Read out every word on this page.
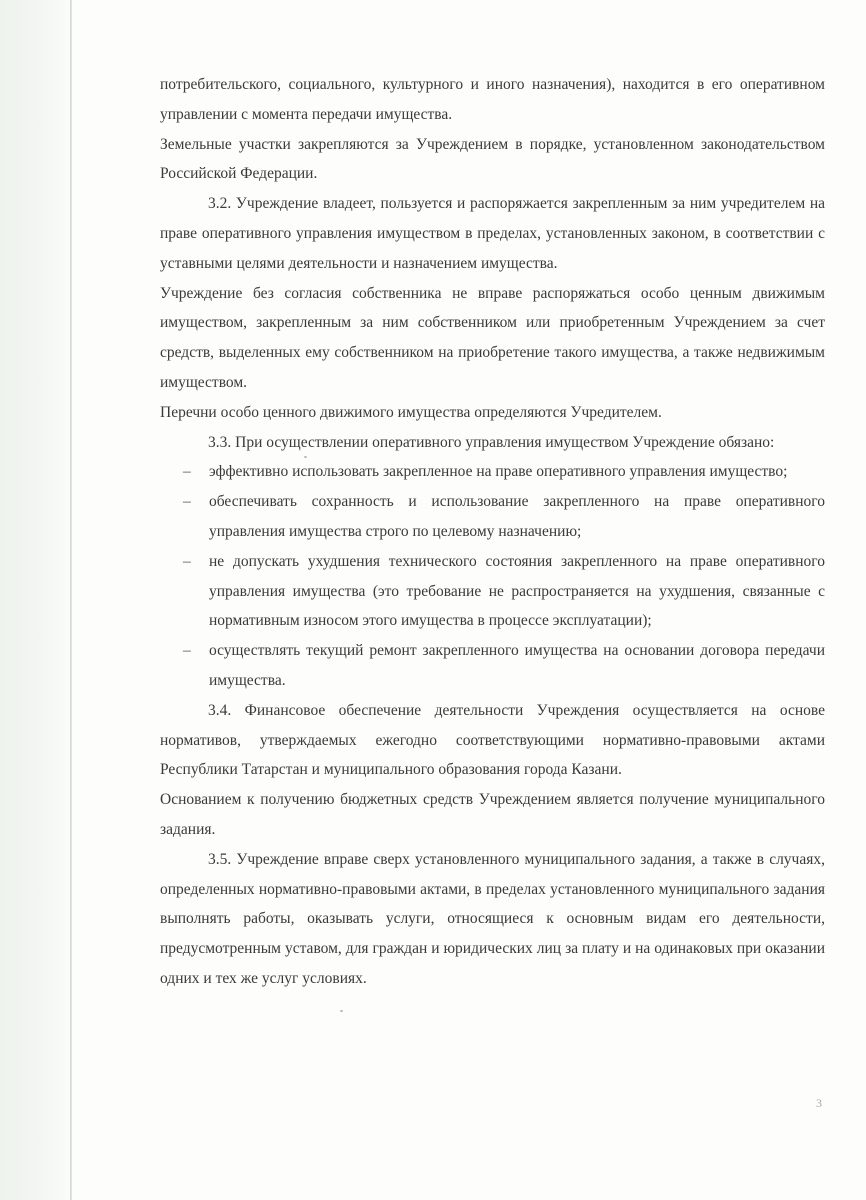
потребительского, социального, культурного и иного назначения), находится в его оперативном управлении с момента передачи имущества.

Земельные участки закрепляются за Учреждением в порядке, установленном законодательством Российской Федерации.

3.2. Учреждение владеет, пользуется и распоряжается закрепленным за ним учредителем на праве оперативного управления имуществом в пределах, установленных законом, в соответствии с уставными целями деятельности и назначением имущества.

Учреждение без согласия собственника не вправе распоряжаться особо ценным движимым имуществом, закрепленным за ним собственником или приобретенным Учреждением за счет средств, выделенных ему собственником на приобретение такого имущества, а также недвижимым имуществом.

Перечни особо ценного движимого имущества определяются Учредителем.

3.3. При осуществлении оперативного управления имуществом Учреждение обязано:

– эффективно использовать закрепленное на праве оперативного управления имущество;
– обеспечивать сохранность и использование закрепленного на праве оперативного управления имущества строго по целевому назначению;
– не допускать ухудшения технического состояния закрепленного на праве оперативного управления имущества (это требование не распространяется на ухудшения, связанные с нормативным износом этого имущества в процессе эксплуатации);
– осуществлять текущий ремонт закрепленного имущества на основании договора передачи имущества.

3.4. Финансовое обеспечение деятельности Учреждения осуществляется на основе нормативов, утверждаемых ежегодно соответствующими нормативно-правовыми актами Республики Татарстан и муниципального образования города Казани.

Основанием к получению бюджетных средств Учреждением является получение муниципального задания.

3.5. Учреждение вправе сверх установленного муниципального задания, а также в случаях, определенных нормативно-правовыми актами, в пределах установленного муниципального задания выполнять работы, оказывать услуги, относящиеся к основным видам его деятельности, предусмотренным уставом, для граждан и юридических лиц за плату и на одинаковых при оказании одних и тех же услуг условиях.

3
